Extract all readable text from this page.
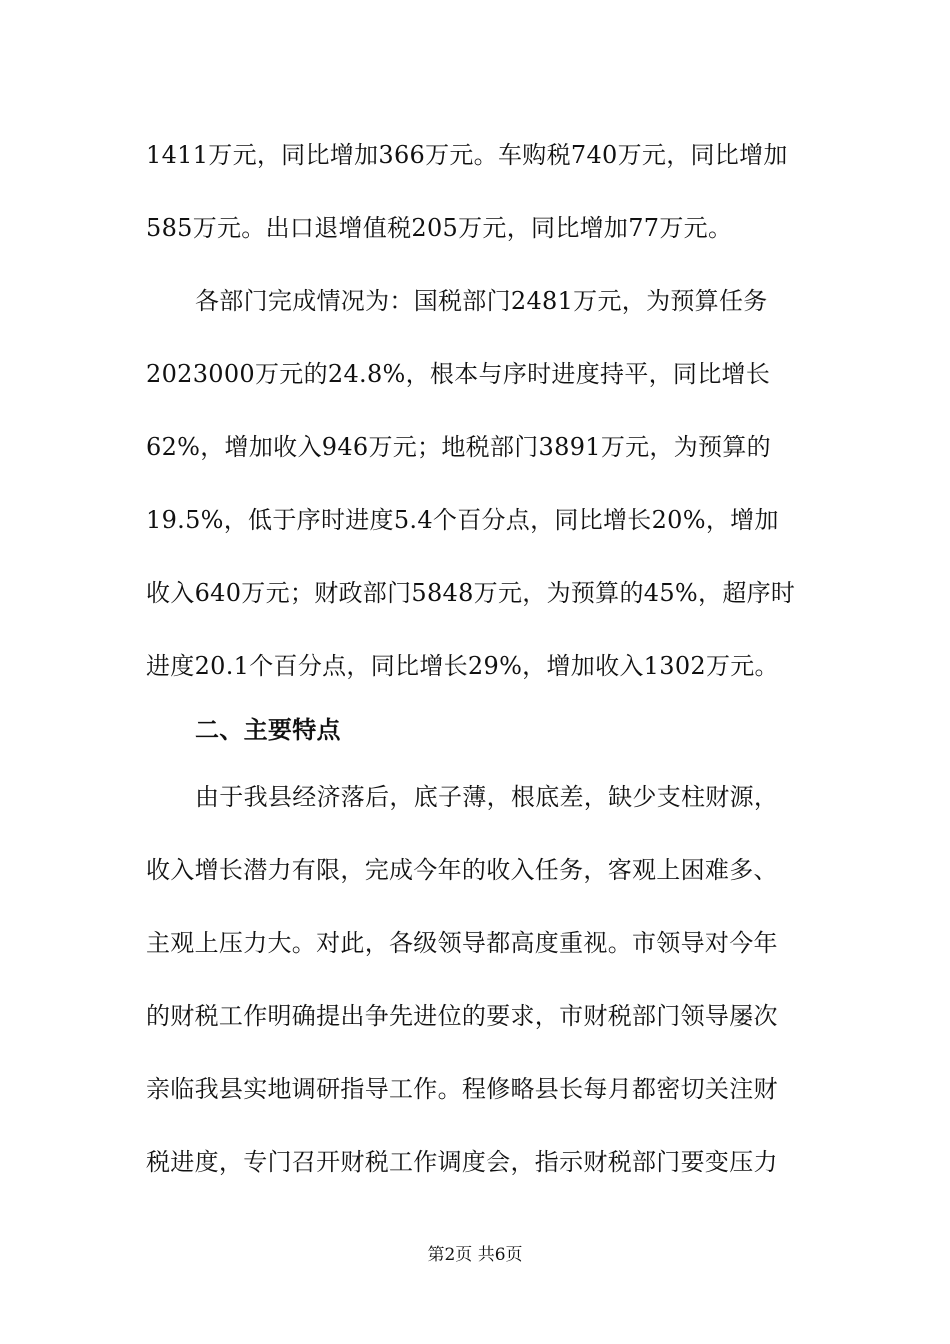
1411万元，同比增加366万元。车购税740万元，同比增加
585万元。出口退增值税205万元，同比增加77万元。
各部门完成情况为：国税部门2481万元，为预算任务
2023000万元的24.8%，根本与序时进度持平，同比增长
62%，增加收入946万元；地税部门3891万元，为预算的
19.5%，低于序时进度5.4个百分点，同比增长20%，增加
收入640万元；财政部门5848万元，为预算的45%，超序时
进度20.1个百分点，同比增长29%，增加收入1302万元。
二、主要特点
由于我县经济落后，底子薄，根底差，缺少支柱财源，
收入增长潜力有限，完成今年的收入任务，客观上困难多、
主观上压力大。对此，各级领导都高度重视。市领导对今年
的财税工作明确提出争先进位的要求，市财税部门领导屡次
亲临我县实地调研指导工作。程修略县长每月都密切关注财
税进度，专门召开财税工作调度会，指示财税部门要变压力
第2页 共6页
